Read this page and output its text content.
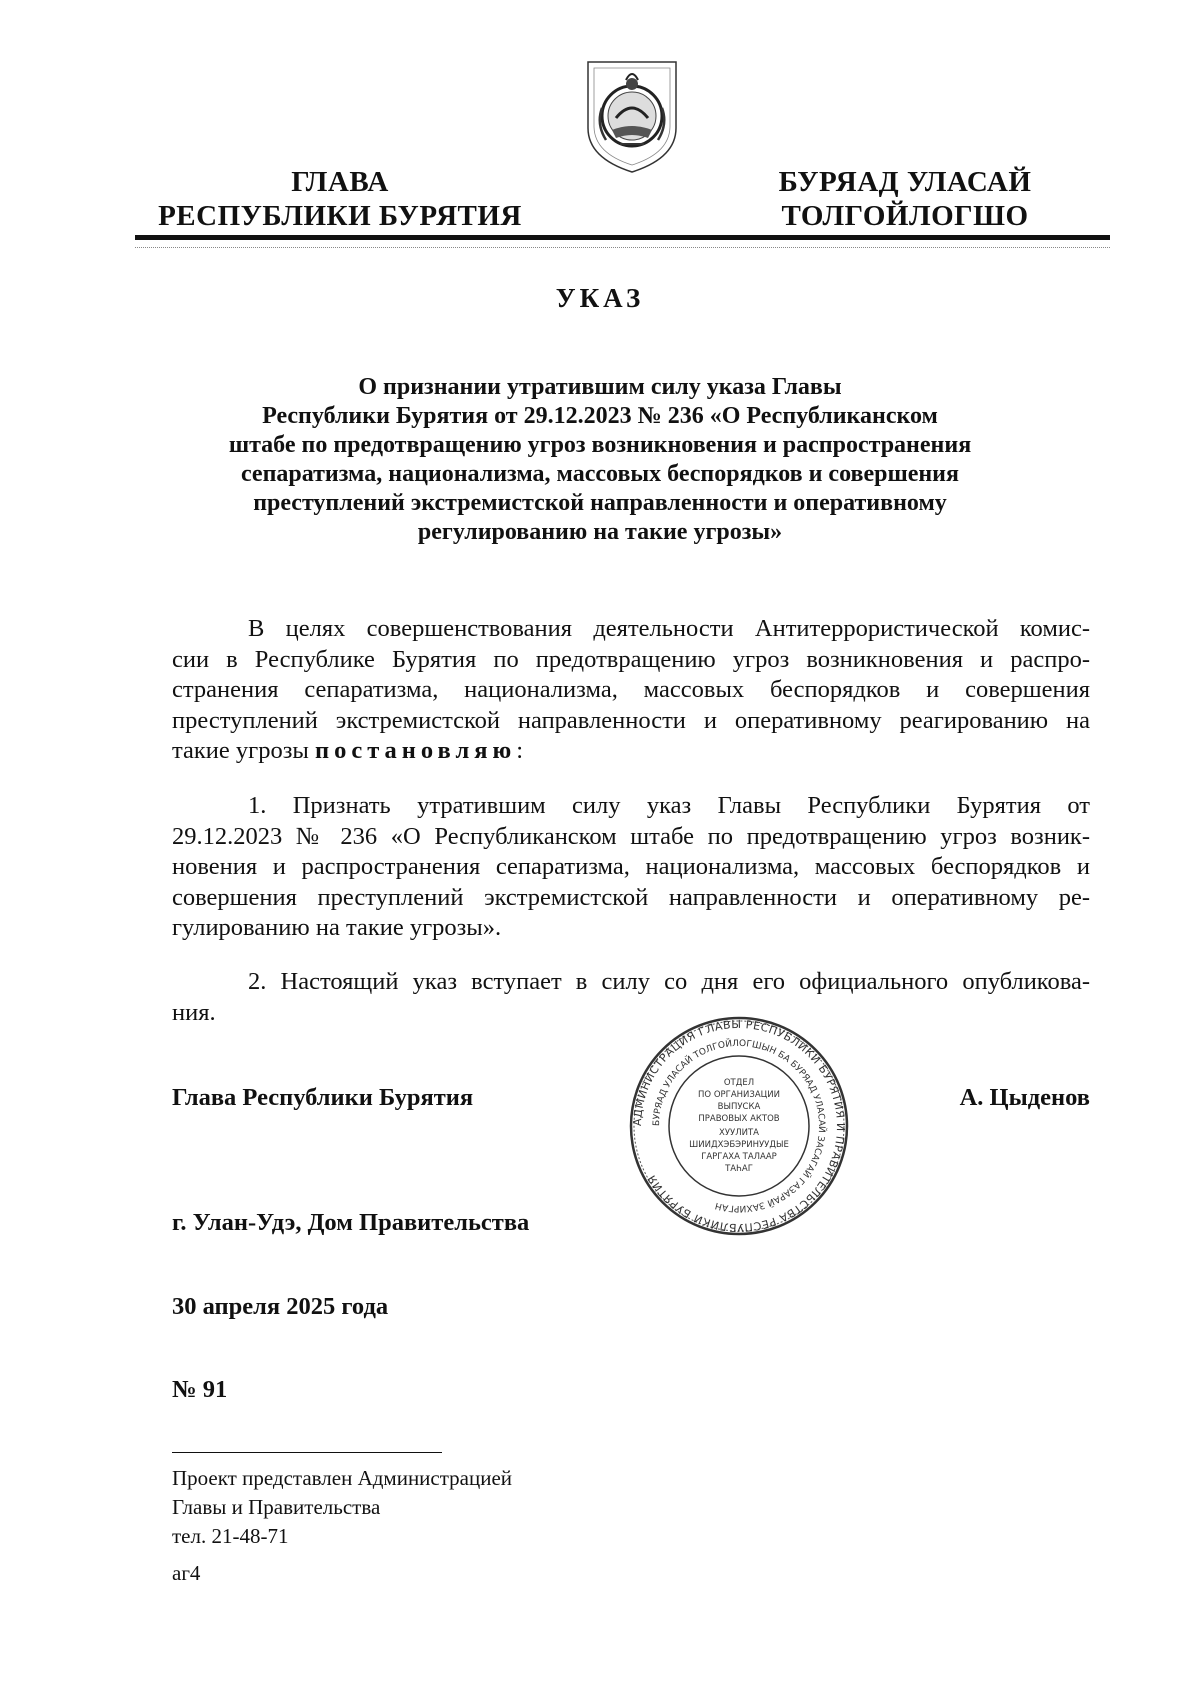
ГЛАВА
РЕСПУБЛИКИ БУРЯТИЯ
БУРЯАД УЛАСАЙ
ТОЛГОЙЛОГШО
УКАЗ
О признании утратившим силу указа Главы
Республики Бурятия от 29.12.2023 № 236 «О Республиканском
штабе по предотвращению угроз возникновения и распространения
сепаратизма, национализма, массовых беспорядков и совершения
преступлений экстремистской направленности и оперативному
регулированию на такие угрозы»
В целях совершенствования деятельности Антитеррористической комис-
сии в Республике Бурятия по предотвращению угроз возникновения и распро-
странения сепаратизма, национализма, массовых беспорядков и совершения
преступлений экстремистской направленности и оперативному реагированию на
такие угрозы постановляю:
1. Признать утратившим силу указ Главы Республики Бурятия от
29.12.2023 № 236 «О Республиканском штабе по предотвращению угроз возник-
новения и распространения сепаратизма, национализма, массовых беспорядков и
совершения преступлений экстремистской направленности и оперативному ре-
гулированию на такие угрозы».
2. Настоящий указ вступает в силу со дня его официального опубликова-
ния.
АДМИНИСТРАЦИЯ ГЛАВЫ РЕСПУБЛИКИ БУРЯТИЯ И ПРАВИТЕЛЬСТВА РЕСПУБЛИКИ БУРЯТИЯ
БУРЯАД УЛАСАЙ ТОЛГОЙЛОГШЫН БА БУРЯАД УЛАСАЙ ЗАСАГАЙ ГАЗАРАЙ ЗАХИРГАН
ОТДЕЛ
ПО ОРГАНИЗАЦИИ
ВЫПУСКА
ПРАВОВЫХ АКТОВ
ХУУЛИТА
ШИИДХЭБЭРИНУУДЫЕ
ГАРГАХА ТАЛААР
ТАҺАГ
Глава Республики Бурятия	А. Цыденов
г. Улан-Удэ, Дом Правительства
30 апреля 2025 года
№ 91
Проект представлен Администрацией
Главы и Правительства
тел. 21-48-71
аг4
